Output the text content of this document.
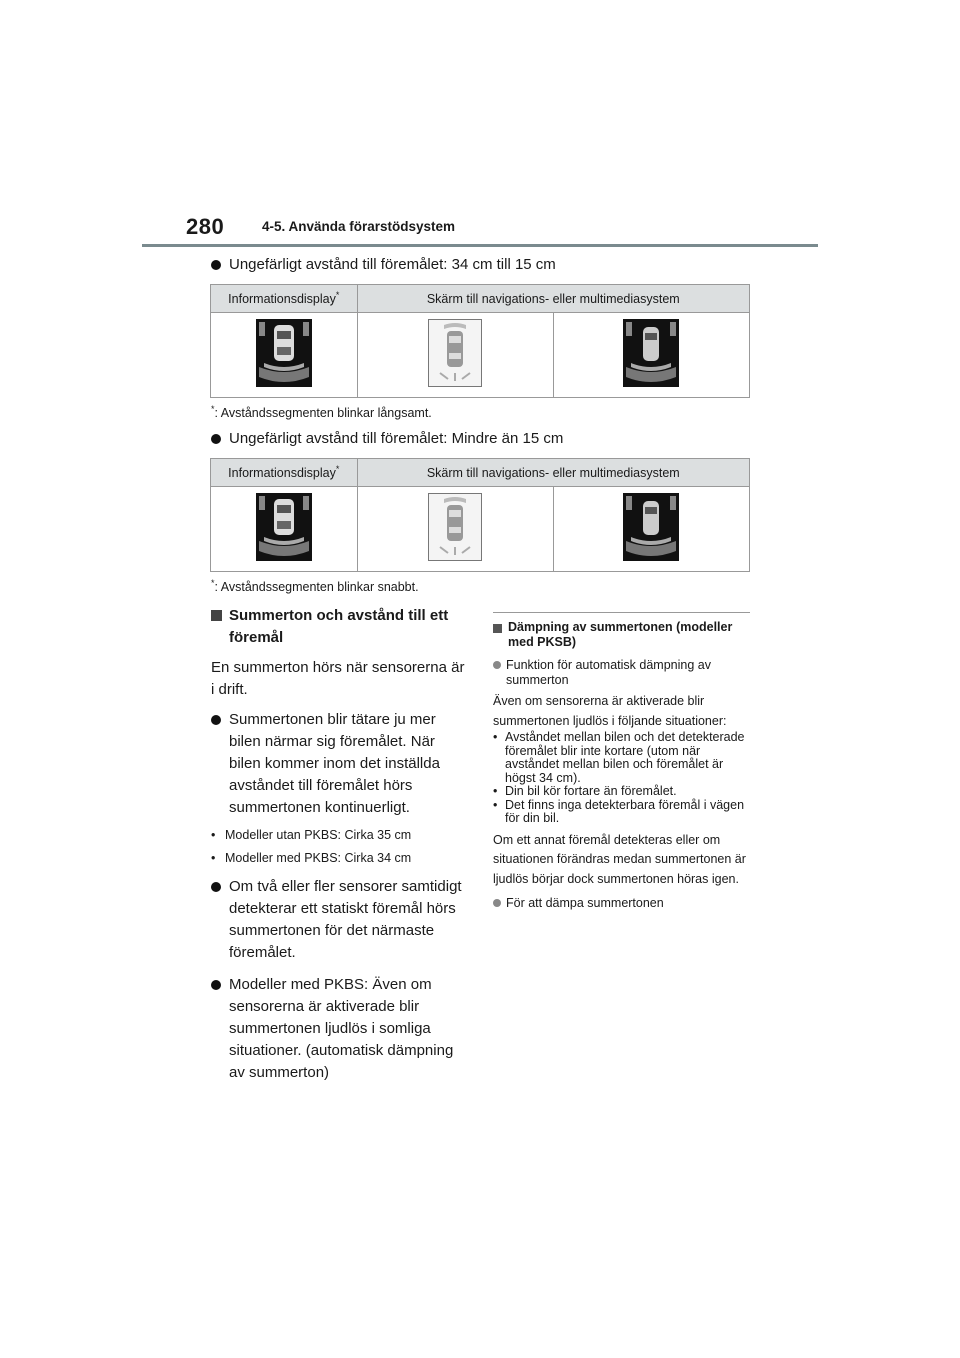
280	4-5. Använda förarstödsystem
Ungefärligt avstånd till föremålet: 34 cm till 15 cm
Informationsdisplay*	Skärm till navigations- eller multimediasystem	

*: Avståndssegmenten blinkar långsamt.
Ungefärligt avstånd till föremålet: Mindre än 15 cm
Informationsdisplay*	Skärm till navigations- eller multimediasystem	

*: Avståndssegmenten blinkar snabbt.
Summerton och avstånd till ett föremål
En summerton hörs när sensorerna är i drift.
Summertonen blir tätare ju mer bilen närmar sig föremålet. När bilen kommer inom det inställda avståndet till föremålet hörs summertonen kontinuerligt.
• Modeller utan PKBS: Cirka 35 cm
• Modeller med PKBS: Cirka 34 cm
Om två eller fler sensorer samtidigt detekterar ett statiskt föremål hörs summertonen för det närmaste föremålet.
Modeller med PKBS: Även om sensorerna är aktiverade blir summertonen ljudlös i somliga situationer. (automatisk dämpning av summerton)
Dämpning av summertonen (modeller med PKSB)
Funktion för automatisk dämpning av summerton
Även om sensorerna är aktiverade blir summertonen ljudlös i följande situationer:
• Avståndet mellan bilen och det detekterade föremålet blir inte kortare (utom när avståndet mellan bilen och föremålet är högst 34 cm).
• Din bil kör fortare än föremålet.
• Det finns inga detekterbara föremål i vägen för din bil.
Om ett annat föremål detekteras eller om situationen förändras medan summertonen är ljudlös börjar dock summertonen höras igen.
För att dämpa summertonen
